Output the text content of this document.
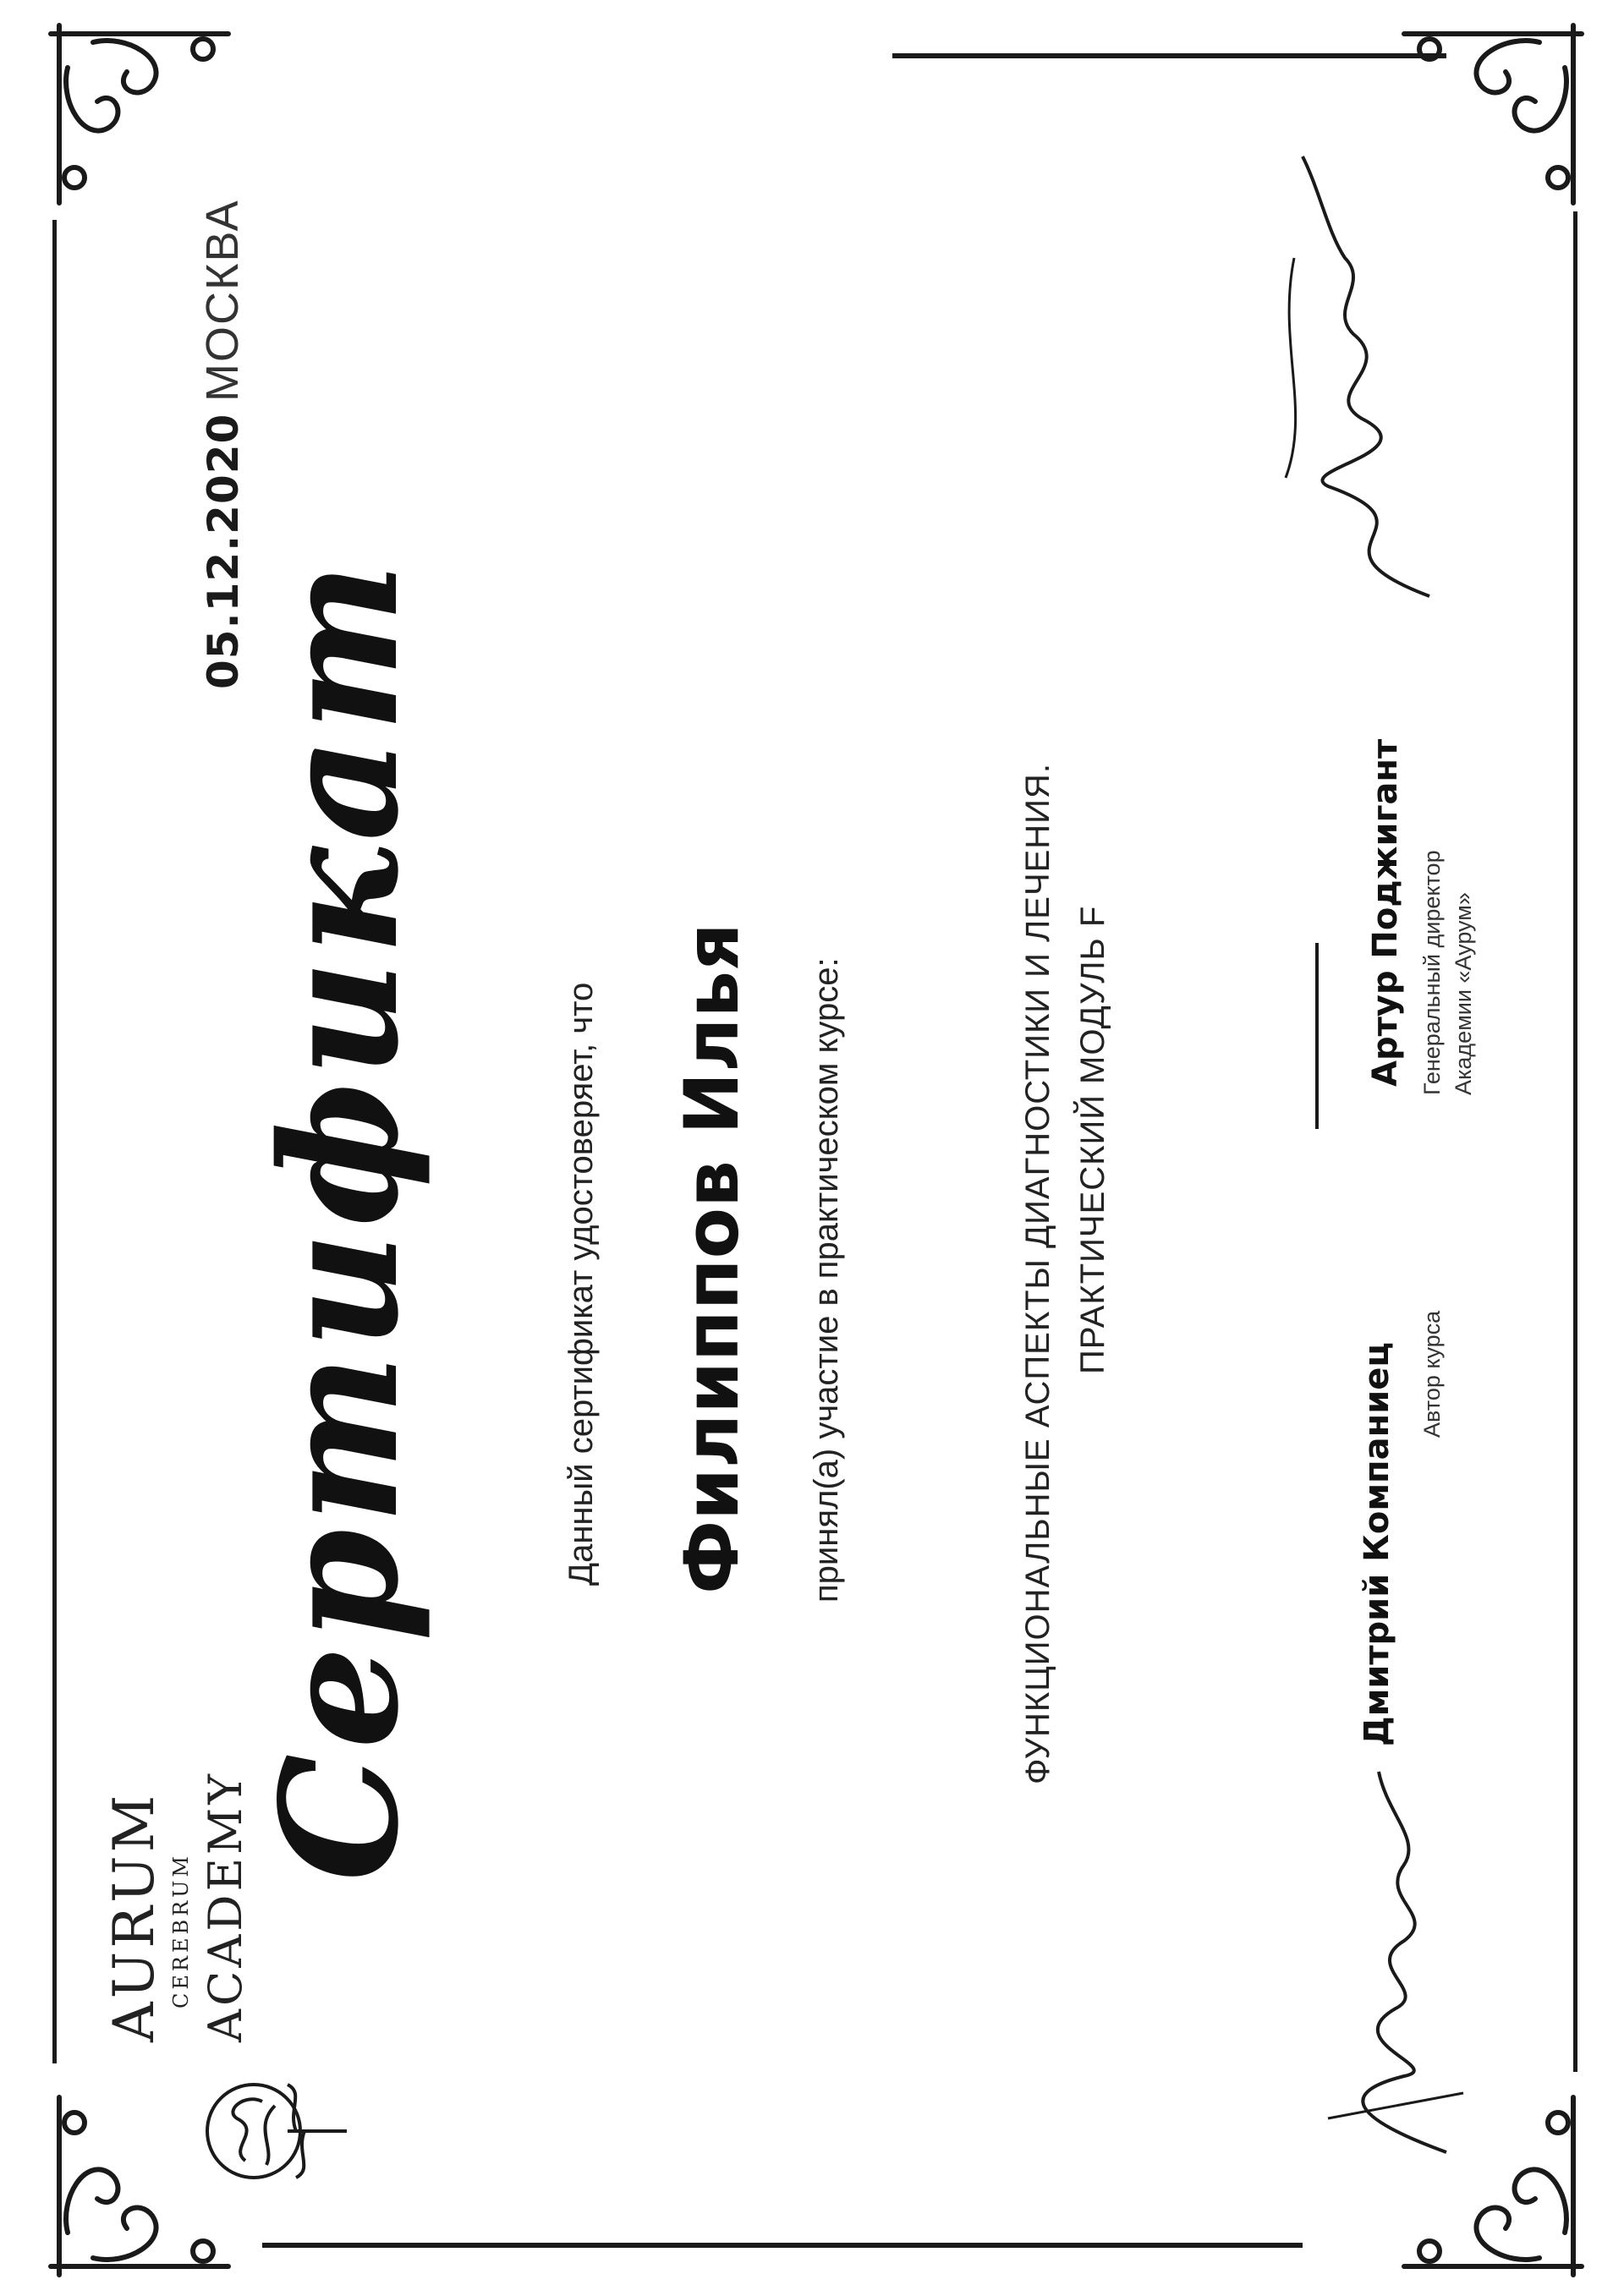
AURUM CEREBRUM ACADEMY
05.12.2020
МОСКВА
Сертификат	Данный сертификат удостоверяет, что Филиппов Илья принял(а) участие в практическом курсе:	ФУНКЦИОНАЛЬНЫЕ АСПЕКТЫ ДИАГНОСТИКИ И ЛЕЧЕНИЯ. ПРАКТИЧЕСКИЙ МОДУЛЬ F
Дмитрий Компаниец Автор курса
Артур Поджигант Генеральный директор Академии «Аурум»
